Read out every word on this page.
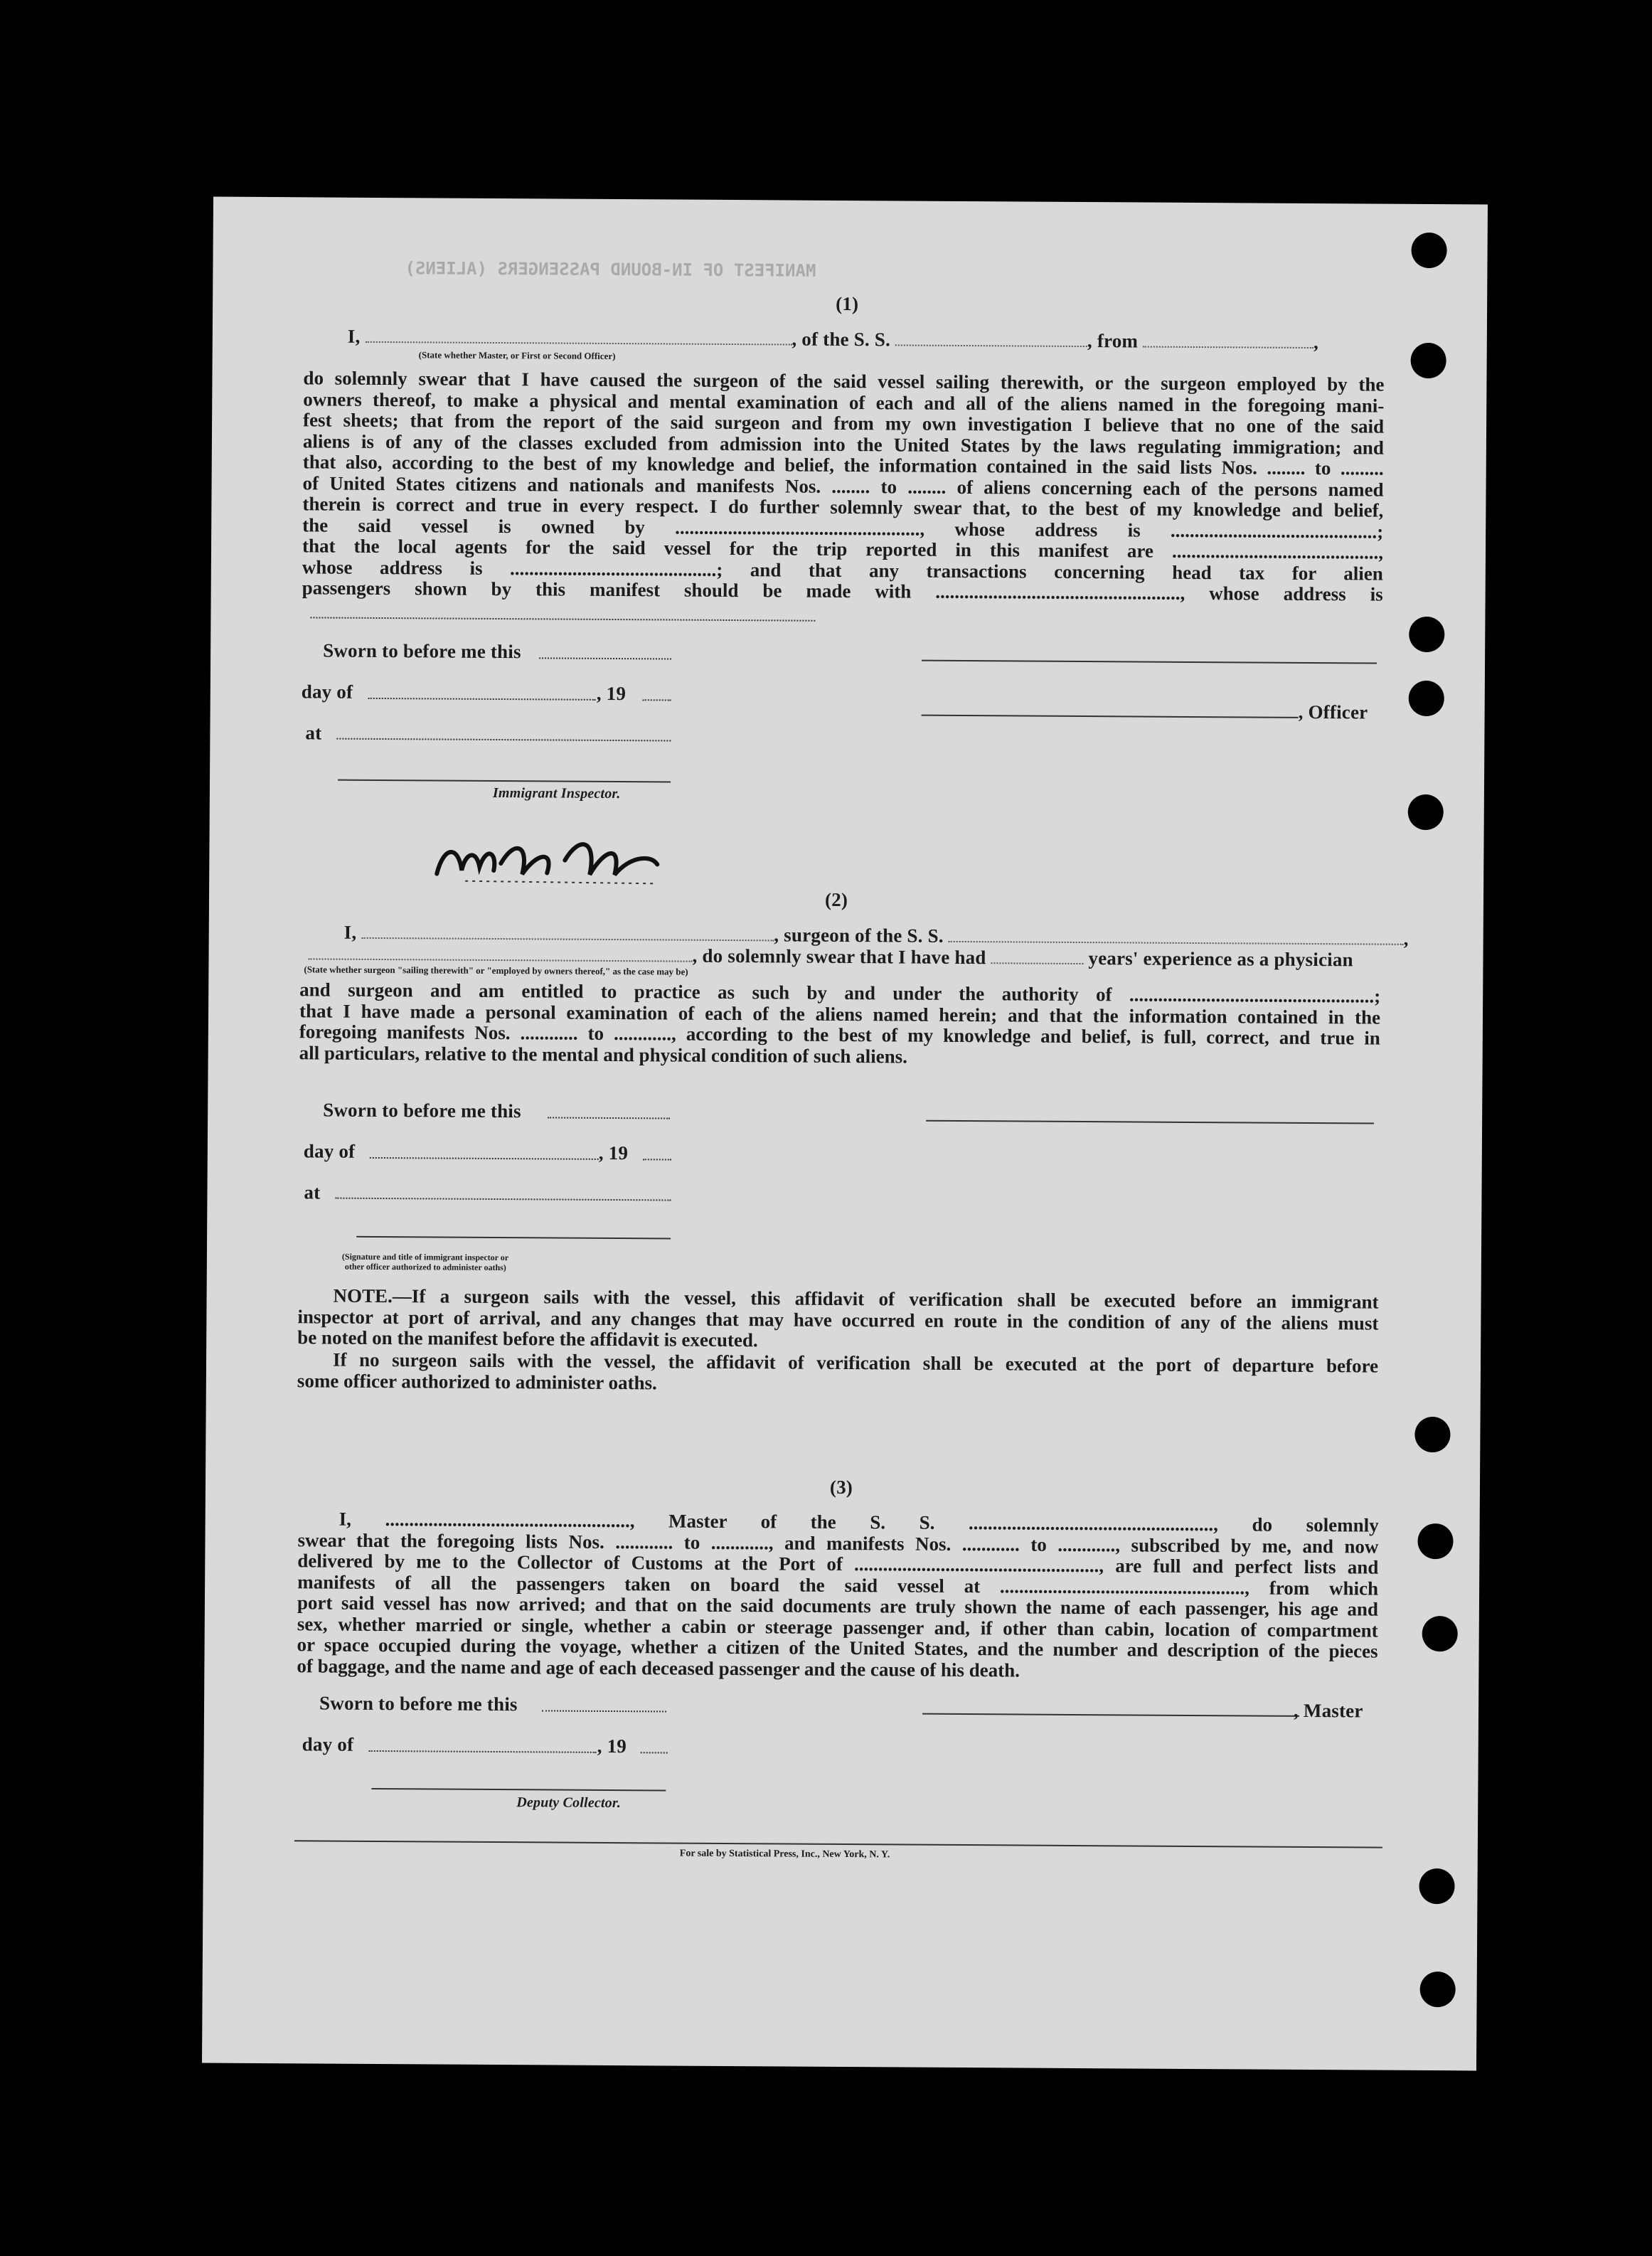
MANIFEST OF IN-BOUND PASSENGERS (ALIENS)
(1)
I,	, of the S. S.	, from	,
(State whether Master, or First or Second Officer)
do solemnly swear that I have caused the surgeon of the said vessel sailing therewith, or the surgeon employed by the
owners thereof, to make a physical and mental examination of each and all of the aliens named in the foregoing mani-
fest sheets; that from the report of the said surgeon and from my own investigation I believe that no one of the said
aliens is of any of the classes excluded from admission into the United States by the laws regulating immigration; and
that also, according to the best of my knowledge and belief, the information contained in the said lists Nos. ........ to .........
of United States citizens and nationals and manifests Nos. ........ to ........ of aliens concerning each of the persons named
therein is correct and true in every respect. I do further solemnly swear that, to the best of my knowledge and belief,
the said vessel is owned by ..................................................., whose address is ...........................................;
that the local agents for the said vessel for the trip reported in this manifest are ...........................................,
whose address is ...........................................; and that any transactions concerning head tax for alien
passengers shown by this manifest should be made with ..................................................., whose address is
Sworn to before me this
day of	, 19
, Officer
at
Immigrant Inspector.
(2)
I,	, surgeon of the S. S.	,
, do solemnly swear that I have had	years' experience as a physician
(State whether surgeon "sailing therewith" or "employed by owners thereof," as the case may be)
and surgeon and am entitled to practice as such by and under the authority of ...................................................;
that I have made a personal examination of each of the aliens named herein; and that the information contained in the
foregoing manifests Nos. ............ to ............, according to the best of my knowledge and belief, is full, correct, and true in
all particulars, relative to the mental and physical condition of such aliens.
Sworn to before me this
day of	, 19
at
(Signature and title of immigrant inspector or
other officer authorized to administer oaths)
NOTE.—If a surgeon sails with the vessel, this affidavit of verification shall be executed before an immigrant
inspector at port of arrival, and any changes that may have occurred en route in the condition of any of the aliens must
be noted on the manifest before the affidavit is executed.
If no surgeon sails with the vessel, the affidavit of verification shall be executed at the port of departure before
some officer authorized to administer oaths.
(3)
I, ..................................................., Master of the S. S. ..................................................., do solemnly
swear that the foregoing lists Nos. ............ to ............, and manifests Nos. ............ to ............, subscribed by me, and now
delivered by me to the Collector of Customs at the Port of ..................................................., are full and perfect lists and
manifests of all the passengers taken on board the said vessel at ..................................................., from which
port said vessel has now arrived; and that on the said documents are truly shown the name of each passenger, his age and
sex, whether married or single, whether a cabin or steerage passenger and, if other than cabin, location of compartment
or space occupied during the voyage, whether a citizen of the United States, and the number and description of the pieces
of baggage, and the name and age of each deceased passenger and the cause of his death.
Sworn to before me this	, Master
day of	, 19
Deputy Collector.
For sale by Statistical Press, Inc., New York, N. Y.
